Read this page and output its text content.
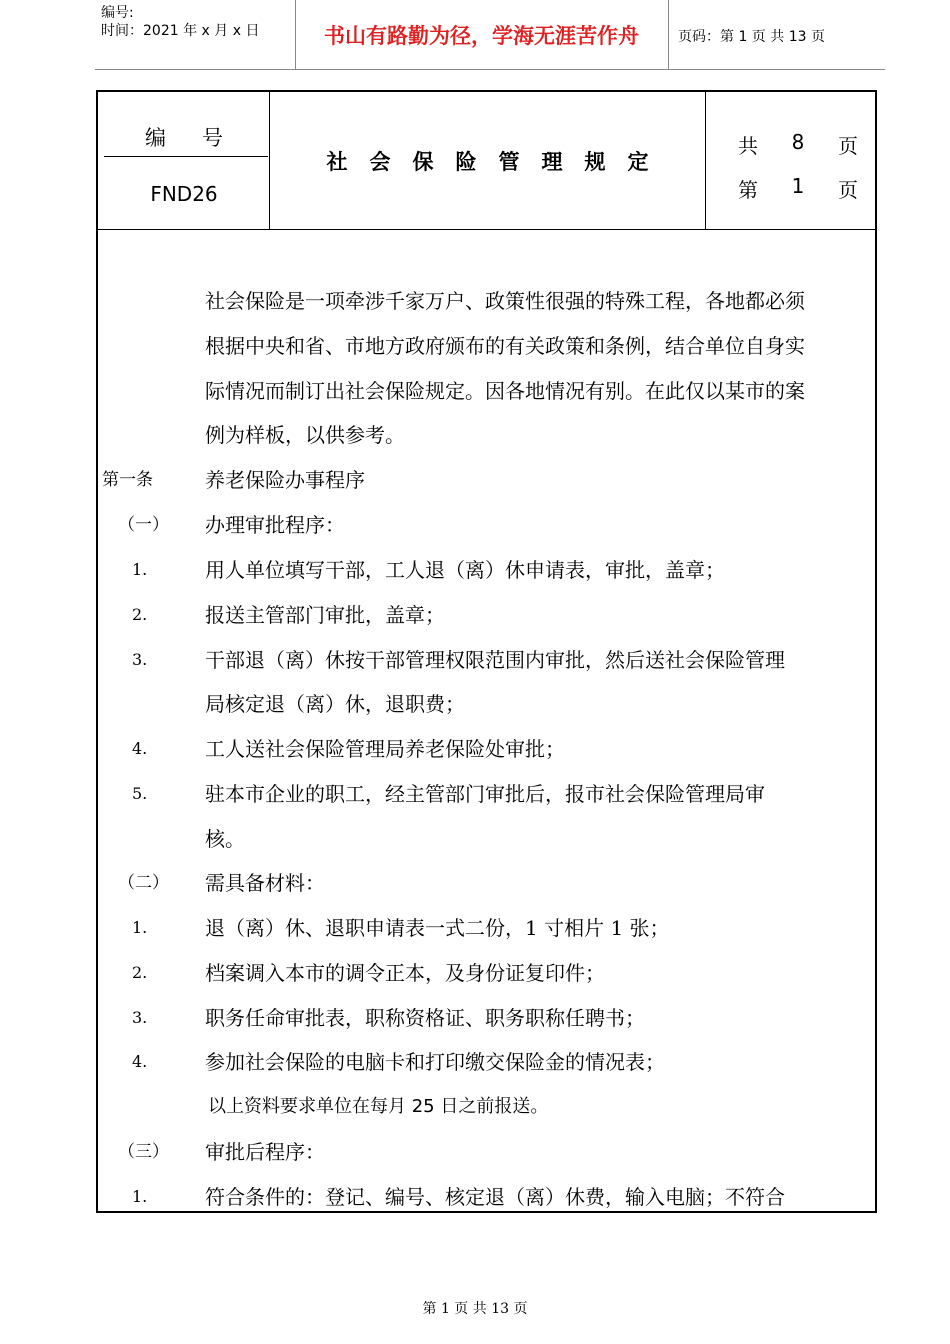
编号:
时间：2021 年 x 月 x 日	书山有路勤为径，学海无涯苦作舟	页码：第 1 页 共 13 页
编号
FND26
社会保险管理规定
共 8 页
第 1 页
社会保险是一项牵涉千家万户、政策性很强的特殊工程，各地都必须
根据中央和省、市地方政府颁布的有关政策和条例，结合单位自身实
际情况而制订出社会保险规定。因各地情况有别。在此仅以某市的案
例为样板，以供参考。
第一条	养老保险办事程序
（一） 办理审批程序：
1.	用人单位填写干部，工人退（离）休申请表，审批，盖章；
2.	报送主管部门审批，盖章；
3.	干部退（离）休按干部管理权限范围内审批，然后送社会保险管理
局核定退（离）休，退职费；
4.	工人送社会保险管理局养老保险处审批；
5.	驻本市企业的职工，经主管部门审批后，报市社会保险管理局审
核。
（二） 需具备材料：
1.	退（离）休、退职申请表一式二份，1 寸相片 1 张；
2.	档案调入本市的调令正本，及身份证复印件；
3.	职务任命审批表，职称资格证、职务职称任聘书；
4.	参加社会保险的电脑卡和打印缴交保险金的情况表；
以上资料要求单位在每月 25 日之前报送。
（三） 审批后程序：
1.	符合条件的：登记、编号、核定退（离）休费，输入电脑；不符合
第 1 页 共 13 页
